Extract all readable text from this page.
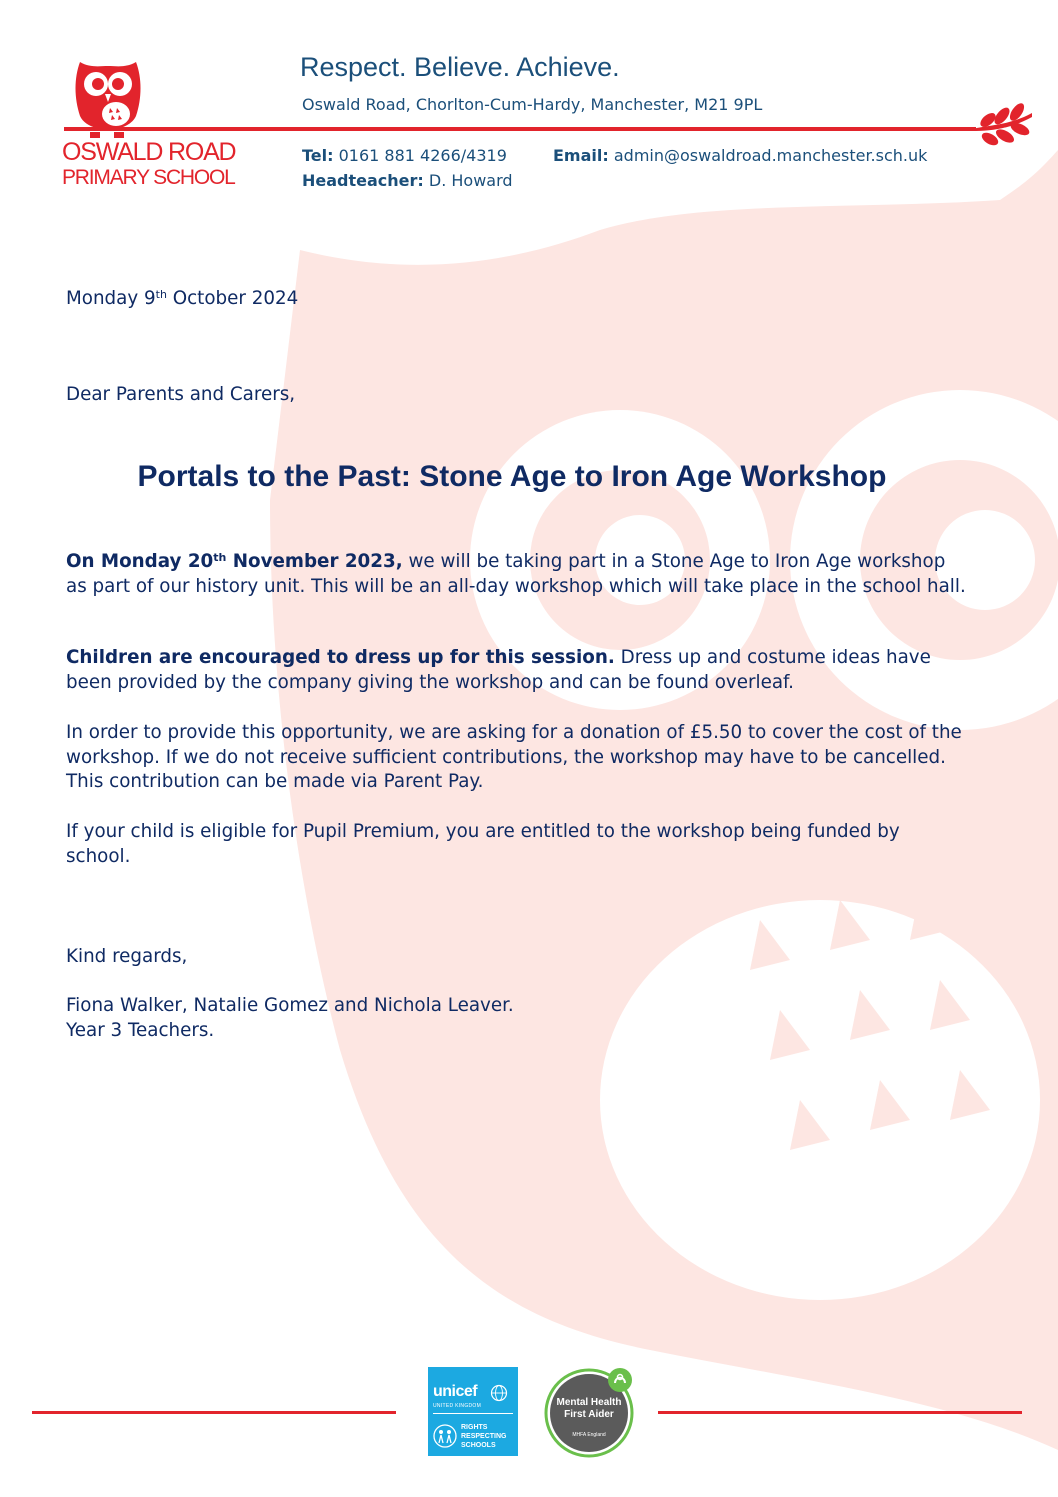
OSWALD ROAD
PRIMARY SCHOOL
Respect. Believe. Achieve.
Oswald Road, Chorlton-Cum-Hardy, Manchester, M21 9PL
Tel: 0161 881 4266/4319
Headteacher: D. Howard
Email: admin@oswaldroad.manchester.sch.uk
Monday 9th October 2024
Dear Parents and Carers,
Portals to the Past: Stone Age to Iron Age Workshop
On Monday 20th November 2023, we will be taking part in a Stone Age to Iron Age workshop as part of our history unit. This will be an all-day workshop which will take place in the school hall.
Children are encouraged to dress up for this session. Dress up and costume ideas have been provided by the company giving the workshop and can be found overleaf.
In order to provide this opportunity, we are asking for a donation of £5.50 to cover the cost of the workshop. If we do not receive sufficient contributions, the workshop may have to be cancelled. This contribution can be made via Parent Pay.
If your child is eligible for Pupil Premium, you are entitled to the workshop being funded by school.
Kind regards,
Fiona Walker, Natalie Gomez and Nichola Leaver.
Year 3 Teachers.
unicef
UNITED KINGDOM
RIGHTS
RESPECTING
SCHOOLS
Mental Health
First Aider
MHFA England
